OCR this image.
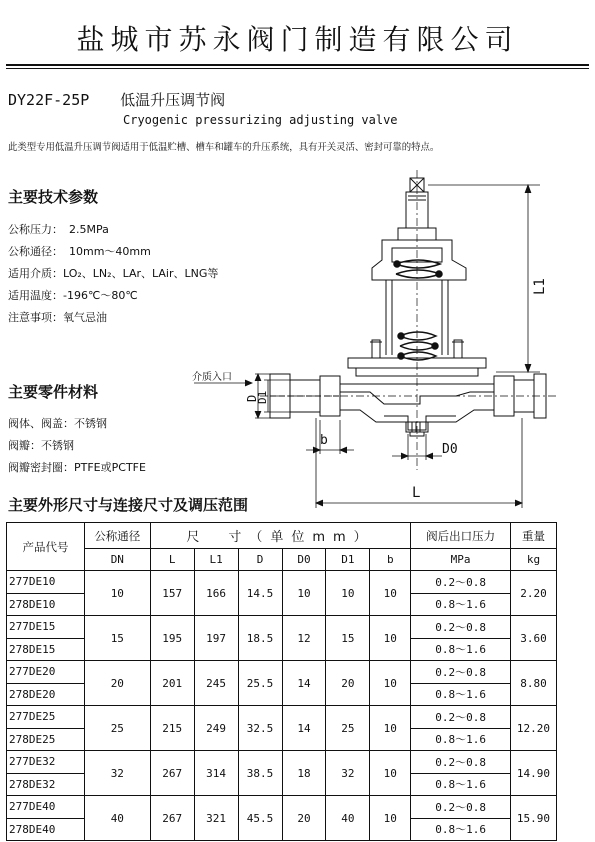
盐城市苏永阀门制造有限公司
DY22F-25P 低温升压调节阀
Cryogenic pressurizing adjusting valve
此类型专用低温升压调节阀适用于低温贮槽、槽车和罐车的升压系统，具有开关灵活、密封可靠的特点。
主要技术参数
公称压力： 2.5MPa
公称通径： 10mm～40mm
适用介质：LO₂、LN₂、LAr、LAir、LNG等
适用温度：-196℃～80℃
注意事项：氧气忌油
主要零件材料
阀体、阀盖：不锈钢
阀瓣：不锈钢
阀瓣密封圈：PTFE或PCTFE
L1
D
D1
介质入口
b
D0
L
主要外形尺寸与连接尺寸及调压范围
产品代号	公称通径	尺　寸（单位mm）						阀后出口压力	重量
	DN	L	L1	D	D0	D1	b	MPa	kg
277DE10	10	157	166	14.5	10	10	10	0.2～0.8	2.20
278DE10								0.8～1.6	
277DE15	15	195	197	18.5	12	15	10	0.2～0.8	3.60
278DE15								0.8～1.6	
277DE20	20	201	245	25.5	14	20	10	0.2～0.8	8.80
278DE20								0.8～1.6	
277DE25	25	215	249	32.5	14	25	10	0.2～0.8	12.20
278DE25								0.8～1.6	
277DE32	32	267	314	38.5	18	32	10	0.2～0.8	14.90
278DE32								0.8～1.6	
277DE40	40	267	321	45.5	20	40	10	0.2～0.8	15.90
278DE40								0.8～1.6	
